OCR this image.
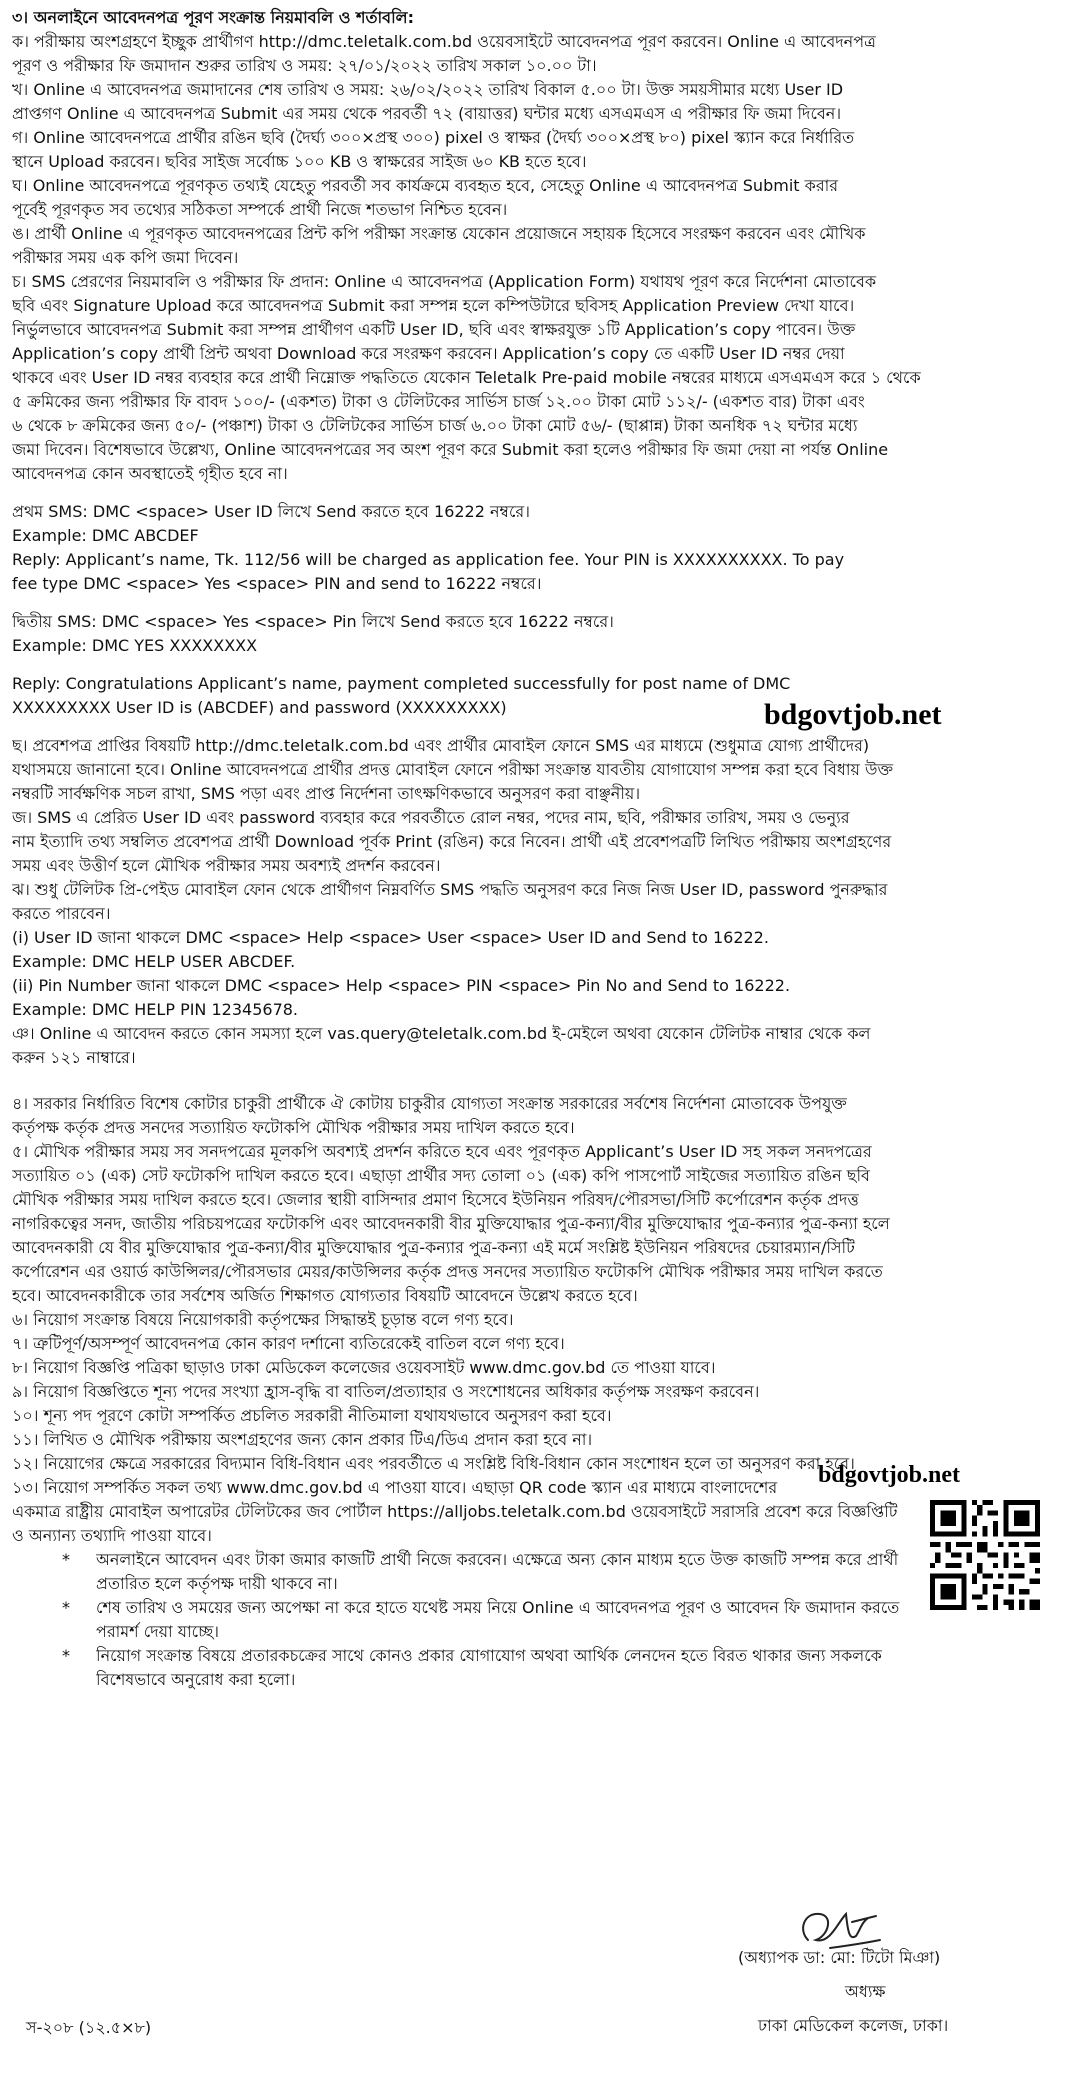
৩। অনলাইনে আবেদনপত্র পূরণ সংক্রান্ত নিয়মাবলি ও শর্তাবলি:

ক। পরীক্ষায় অংশগ্রহণে ইচ্ছুক প্রার্থীগণ http://dmc.teletalk.com.bd ওয়েবসাইটে আবেদনপত্র পূরণ করবেন। Online এ আবেদনপত্র

পূরণ ও পরীক্ষার ফি জমাদান শুরুর তারিখ ও সময়: ২৭/০১/২০২২ তারিখ সকাল ১০.০০ টা।

খ। Online এ আবেদনপত্র জমাদানের শেষ তারিখ ও সময়: ২৬/০২/২০২২ তারিখ বিকাল ৫.০০ টা। উক্ত সময়সীমার মধ্যে User ID

প্রাপ্তগণ Online এ আবেদনপত্র Submit এর সময় থেকে পরবর্তী ৭২ (বায়াত্তর) ঘন্টার মধ্যে এসএমএস এ পরীক্ষার ফি জমা দিবেন।

গ। Online আবেদনপত্রে প্রার্থীর রঙিন ছবি (দৈর্ঘ্য ৩০০×প্রস্থ ৩০০) pixel ও স্বাক্ষর (দৈর্ঘ্য ৩০০×প্রস্থ ৮০) pixel স্ক্যান করে নির্ধারিত

স্থানে Upload করবেন। ছবির সাইজ সর্বোচ্চ ১০০ KB ও স্বাক্ষরের সাইজ ৬০ KB হতে হবে।

ঘ। Online আবেদনপত্রে পূরণকৃত তথ্যই যেহেতু পরবর্তী সব কার্যক্রমে ব্যবহৃত হবে, সেহেতু Online এ আবেদনপত্র Submit করার

পূর্বেই পূরণকৃত সব তথ্যের সঠিকতা সম্পর্কে প্রার্থী নিজে শতভাগ নিশ্চিত হবেন।

ঙ। প্রার্থী Online এ পূরণকৃত আবেদনপত্রের প্রিন্ট কপি পরীক্ষা সংক্রান্ত যেকোন প্রয়োজনে সহায়ক হিসেবে সংরক্ষণ করবেন এবং মৌখিক

পরীক্ষার সময় এক কপি জমা দিবেন।

চ। SMS প্রেরণের নিয়মাবলি ও পরীক্ষার ফি প্রদান: Online এ আবেদনপত্র (Application Form) যথাযথ পূরণ করে নির্দেশনা মোতাবেক

ছবি এবং Signature Upload করে আবেদনপত্র Submit করা সম্পন্ন হলে কম্পিউটারে ছবিসহ Application Preview দেখা যাবে।

নির্ভুলভাবে আবেদনপত্র Submit করা সম্পন্ন প্রার্থীগণ একটি User ID, ছবি এবং স্বাক্ষরযুক্ত ১টি Application’s copy পাবেন। উক্ত

Application’s copy প্রার্থী প্রিন্ট অথবা Download করে সংরক্ষণ করবেন। Application’s copy তে একটি User ID নম্বর দেয়া

থাকবে এবং User ID নম্বর ব্যবহার করে প্রার্থী নিম্নোক্ত পদ্ধতিতে যেকোন Teletalk Pre-paid mobile নম্বরের মাধ্যমে এসএমএস করে ১ থেকে

৫ ক্রমিকের জন্য পরীক্ষার ফি বাবদ ১০০/- (একশত) টাকা ও টেলিটকের সার্ভিস চার্জ ১২.০০ টাকা মোট ১১২/- (একশত বার) টাকা এবং

৬ থেকে ৮ ক্রমিকের জন্য ৫০/- (পঞ্চাশ) টাকা ও টেলিটকের সার্ভিস চার্জ ৬.০০ টাকা মোট ৫৬/- (ছাপ্পান্ন) টাকা অনধিক ৭২ ঘন্টার মধ্যে

জমা দিবেন। বিশেষভাবে উল্লেখ্য, Online আবেদনপত্রের সব অংশ পূরণ করে Submit করা হলেও পরীক্ষার ফি জমা দেয়া না পর্যন্ত Online

আবেদনপত্র কোন অবস্থাতেই গৃহীত হবে না।

প্রথম SMS: DMC <space> User ID লিখে Send করতে হবে 16222 নম্বরে।

Example: DMC ABCDEF

Reply: Applicant’s name, Tk. 112/56 will be charged as application fee. Your PIN is XXXXXXXXXX. To pay

fee type DMC <space> Yes <space> PIN and send to 16222 নম্বরে।

দ্বিতীয় SMS: DMC <space> Yes <space> Pin লিখে Send করতে হবে 16222 নম্বরে।

Example: DMC YES XXXXXXXX

Reply: Congratulations Applicant’s name, payment completed successfully for post name of DMC

XXXXXXXXX User ID is (ABCDEF) and password (XXXXXXXXX)

ছ। প্রবেশপত্র প্রাপ্তির বিষয়টি http://dmc.teletalk.com.bd এবং প্রার্থীর মোবাইল ফোনে SMS এর মাধ্যমে (শুধুমাত্র যোগ্য প্রার্থীদের)

যথাসময়ে জানানো হবে। Online আবেদনপত্রে প্রার্থীর প্রদত্ত মোবাইল ফোনে পরীক্ষা সংক্রান্ত যাবতীয় যোগাযোগ সম্পন্ন করা হবে বিধায় উক্ত

নম্বরটি সার্বক্ষণিক সচল রাখা, SMS পড়া এবং প্রাপ্ত নির্দেশনা তাৎক্ষণিকভাবে অনুসরণ করা বাঞ্ছনীয়।

জ। SMS এ প্রেরিত User ID এবং password ব্যবহার করে পরবর্তীতে রোল নম্বর, পদের নাম, ছবি, পরীক্ষার তারিখ, সময় ও ভেন্যুর

নাম ইত্যাদি তথ্য সম্বলিত প্রবেশপত্র প্রার্থী Download পূর্বক Print (রঙিন) করে নিবেন। প্রার্থী এই প্রবেশপত্রটি লিখিত পরীক্ষায় অংশগ্রহণের

সময় এবং উত্তীর্ণ হলে মৌখিক পরীক্ষার সময় অবশ্যই প্রদর্শন করবেন।

ঝ। শুধু টেলিটক প্রি-পেইড মোবাইল ফোন থেকে প্রার্থীগণ নিম্নবর্ণিত SMS পদ্ধতি অনুসরণ করে নিজ নিজ User ID, password পুনরুদ্ধার

করতে পারবেন।

(i) User ID জানা থাকলে DMC <space> Help <space> User <space> User ID and Send to 16222.

Example: DMC HELP USER ABCDEF.

(ii) Pin Number জানা থাকলে DMC <space> Help <space> PIN <space> Pin No and Send to 16222.

Example: DMC HELP PIN 12345678.

ঞ। Online এ আবেদন করতে কোন সমস্যা হলে vas.query@teletalk.com.bd ই-মেইলে অথবা যেকোন টেলিটক নাম্বার থেকে কল

করুন ১২১ নাম্বারে।

৪। সরকার নির্ধারিত বিশেষ কোটার চাকুরী প্রার্থীকে ঐ কোটায় চাকুরীর যোগ্যতা সংক্রান্ত সরকারের সর্বশেষ নির্দেশনা মোতাবেক উপযুক্ত

কর্তৃপক্ষ কর্তৃক প্রদত্ত সনদের সত্যায়িত ফটোকপি মৌখিক পরীক্ষার সময় দাখিল করতে হবে।

৫। মৌখিক পরীক্ষার সময় সব সনদপত্রের মূলকপি অবশ্যই প্রদর্শন করিতে হবে এবং পূরণকৃত Applicant’s User ID সহ সকল সনদপত্রের

সত্যায়িত ০১ (এক) সেট ফটোকপি দাখিল করতে হবে। এছাড়া প্রার্থীর সদ্য তোলা ০১ (এক) কপি পাসপোর্ট সাইজের সত্যায়িত রঙিন ছবি

মৌখিক পরীক্ষার সময় দাখিল করতে হবে। জেলার স্থায়ী বাসিন্দার প্রমাণ হিসেবে ইউনিয়ন পরিষদ/পৌরসভা/সিটি কর্পোরেশন কর্তৃক প্রদত্ত

নাগরিকত্বের সনদ, জাতীয় পরিচয়পত্রের ফটোকপি এবং আবেদনকারী বীর মুক্তিযোদ্ধার পুত্র-কন্যা/বীর মুক্তিযোদ্ধার পুত্র-কন্যার পুত্র-কন্যা হলে

আবেদনকারী যে বীর মুক্তিযোদ্ধার পুত্র-কন্যা/বীর মুক্তিযোদ্ধার পুত্র-কন্যার পুত্র-কন্যা এই মর্মে সংশ্লিষ্ট ইউনিয়ন পরিষদের চেয়ারম্যান/সিটি

কর্পোরেশন এর ওয়ার্ড কাউন্সিলর/পৌরসভার মেয়র/কাউন্সিলর কর্তৃক প্রদত্ত সনদের সত্যায়িত ফটোকপি মৌখিক পরীক্ষার সময় দাখিল করতে

হবে। আবেদনকারীকে তার সর্বশেষ অর্জিত শিক্ষাগত যোগ্যতার বিষয়টি আবেদনে উল্লেখ করতে হবে।

৬। নিয়োগ সংক্রান্ত বিষয়ে নিয়োগকারী কর্তৃপক্ষের সিদ্ধান্তই চূড়ান্ত বলে গণ্য হবে।

৭। ত্রুটিপূর্ণ/অসম্পূর্ণ আবেদনপত্র কোন কারণ দর্শানো ব্যতিরেকেই বাতিল বলে গণ্য হবে।

৮। নিয়োগ বিজ্ঞপ্তি পত্রিকা ছাড়াও ঢাকা মেডিকেল কলেজের ওয়েবসাইট www.dmc.gov.bd তে পাওয়া যাবে।

৯। নিয়োগ বিজ্ঞপ্তিতে শূন্য পদের সংখ্যা হ্রাস-বৃদ্ধি বা বাতিল/প্রত্যাহার ও সংশোধনের অধিকার কর্তৃপক্ষ সংরক্ষণ করবেন।

১০। শূন্য পদ পূরণে কোটা সম্পর্কিত প্রচলিত সরকারী নীতিমালা যথাযথভাবে অনুসরণ করা হবে।

১১। লিখিত ও মৌখিক পরীক্ষায় অংশগ্রহণের জন্য কোন প্রকার টিএ/ডিএ প্রদান করা হবে না।

১২। নিয়োগের ক্ষেত্রে সরকারের বিদ্যমান বিধি-বিধান এবং পরবর্তীতে এ সংশ্লিষ্ট বিধি-বিধান কোন সংশোধন হলে তা অনুসরণ করা হবে।

১৩। নিয়োগ সম্পর্কিত সকল তথ্য www.dmc.gov.bd এ পাওয়া যাবে। এছাড়া QR code স্ক্যান এর মাধ্যমে বাংলাদেশের

একমাত্র রাষ্ট্রীয় মোবাইল অপারেটর টেলিটকের জব পোর্টাল https://alljobs.teletalk.com.bd ওয়েবসাইটে সরাসরি প্রবেশ করে বিজ্ঞপ্তিটি

ও অন্যান্য তথ্যাদি পাওয়া যাবে।

*	অনলাইনে আবেদন এবং টাকা জমার কাজটি প্রার্থী নিজে করবেন। এক্ষেত্রে অন্য কোন মাধ্যম হতে উক্ত কাজটি সম্পন্ন করে প্রার্থী

প্রতারিত হলে কর্তৃপক্ষ দায়ী থাকবে না।

*	শেষ তারিখ ও সময়ের জন্য অপেক্ষা না করে হাতে যথেষ্ট সময় নিয়ে Online এ আবেদনপত্র পূরণ ও আবেদন ফি জমাদান করতে

পরামর্শ দেয়া যাচ্ছে।

*	নিয়োগ সংক্রান্ত বিষয়ে প্রতারকচক্রের সাথে কোনও প্রকার যোগাযোগ অথবা আর্থিক লেনদেন হতে বিরত থাকার জন্য সকলকে

বিশেষভাবে অনুরোধ করা হলো।

bdgovtjob.net
bdgovtjob.net
(অধ্যাপক ডা: মো: টিটো মিঞা)
অধ্যক্ষ
ঢাকা মেডিকেল কলেজ, ঢাকা।
স-২০৮ (১২.৫×৮)
